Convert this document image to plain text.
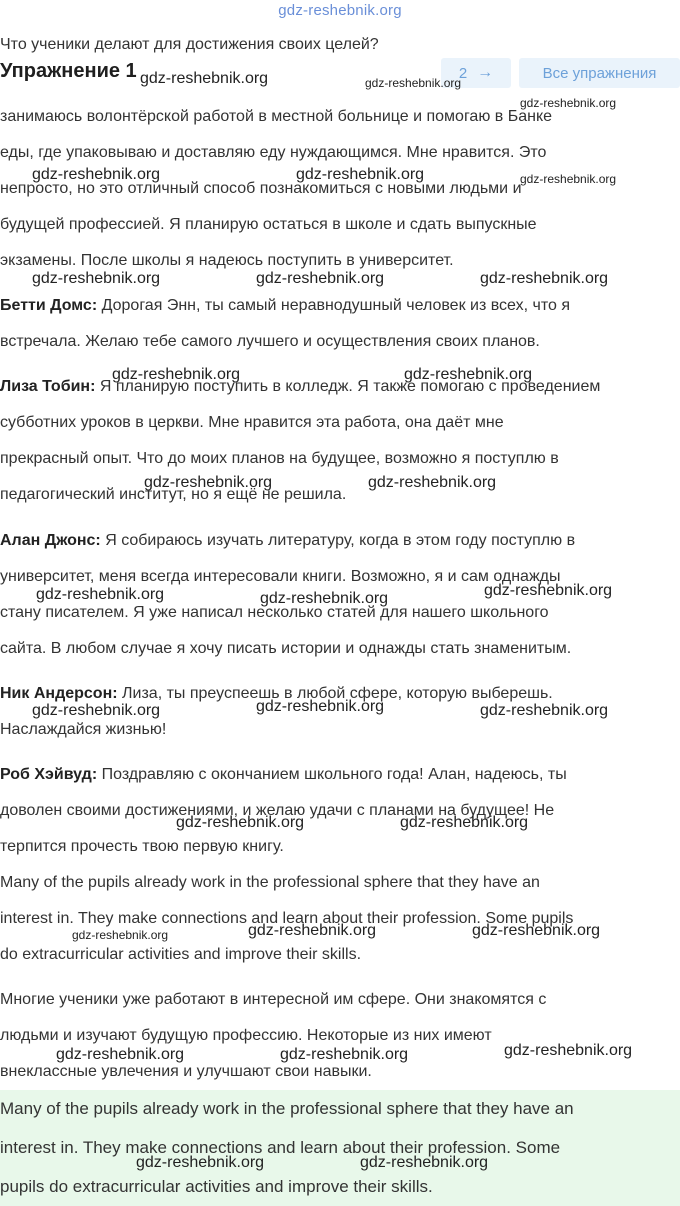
gdz-reshebnik.org
Что ученики делают для достижения своих целей?
Упражнение 1	2 →	Все упражнения

занимаюсь волонтёрской работой в местной больнице и помогаю в Банке

еды, где упаковываю и доставляю еду нуждающимся. Мне нравится. Это

непросто, но это отличный способ познакомиться с новыми людьми и

будущей профессией. Я планирую остаться в школе и сдать выпускные

экзамены. После школы я надеюсь поступить в университет.

Бетти Домс: Дорогая Энн, ты самый неравнодушный человек из всех, что я

встречала. Желаю тебе самого лучшего и осуществления своих планов.

Лиза Тобин: Я планирую поступить в колледж. Я также помогаю с проведением

субботних уроков в церкви. Мне нравится эта работа, она даёт мне

прекрасный опыт. Что до моих планов на будущее, возможно я поступлю в

педагогический институт, но я ещё не решила.

Алан Джонс: Я собираюсь изучать литературу, когда в этом году поступлю в

университет, меня всегда интересовали книги. Возможно, я и сам однажды

стану писателем. Я уже написал несколько статей для нашего школьного

сайта. В любом случае я хочу писать истории и однажды стать знаменитым.

Ник Андерсон: Лиза, ты преуспеешь в любой сфере, которую выберешь.

Наслаждайся жизнью!

Роб Хэйвуд: Поздравляю с окончанием школьного года! Алан, надеюсь, ты

доволен своими достижениями, и желаю удачи с планами на будущее! Не

терпится прочесть твою первую книгу.

Many of the pupils already work in the professional sphere that they have an

interest in. They make connections and learn about their profession. Some pupils

do extracurricular activities and improve their skills.

Многие ученики уже работают в интересной им сфере. Они знакомятся с

людьми и изучают будущую профессию. Некоторые из них имеют

внеклассные увлечения и улучшают свои навыки.

Many of the pupils already work in the professional sphere that they have an

interest in. They make connections and learn about their profession. Some

pupils do extracurricular activities and improve their skills.

gdz-reshebnik.org	gdz-reshebnik.org
gdz-reshebnik.org
gdz-reshebnik.org	gdz-reshebnik.org	gdz-reshebnik.org
gdz-reshebnik.org	gdz-reshebnik.org	gdz-reshebnik.org
gdz-reshebnik.org	gdz-reshebnik.org
gdz-reshebnik.org	gdz-reshebnik.org
gdz-reshebnik.org	gdz-reshebnik.org	gdz-reshebnik.org
gdz-reshebnik.org	gdz-reshebnik.org	gdz-reshebnik.org
gdz-reshebnik.org	gdz-reshebnik.org
gdz-reshebnik.org	gdz-reshebnik.org	gdz-reshebnik.org
gdz-reshebnik.org	gdz-reshebnik.org	gdz-reshebnik.org
gdz-reshebnik.org	gdz-reshebnik.org
